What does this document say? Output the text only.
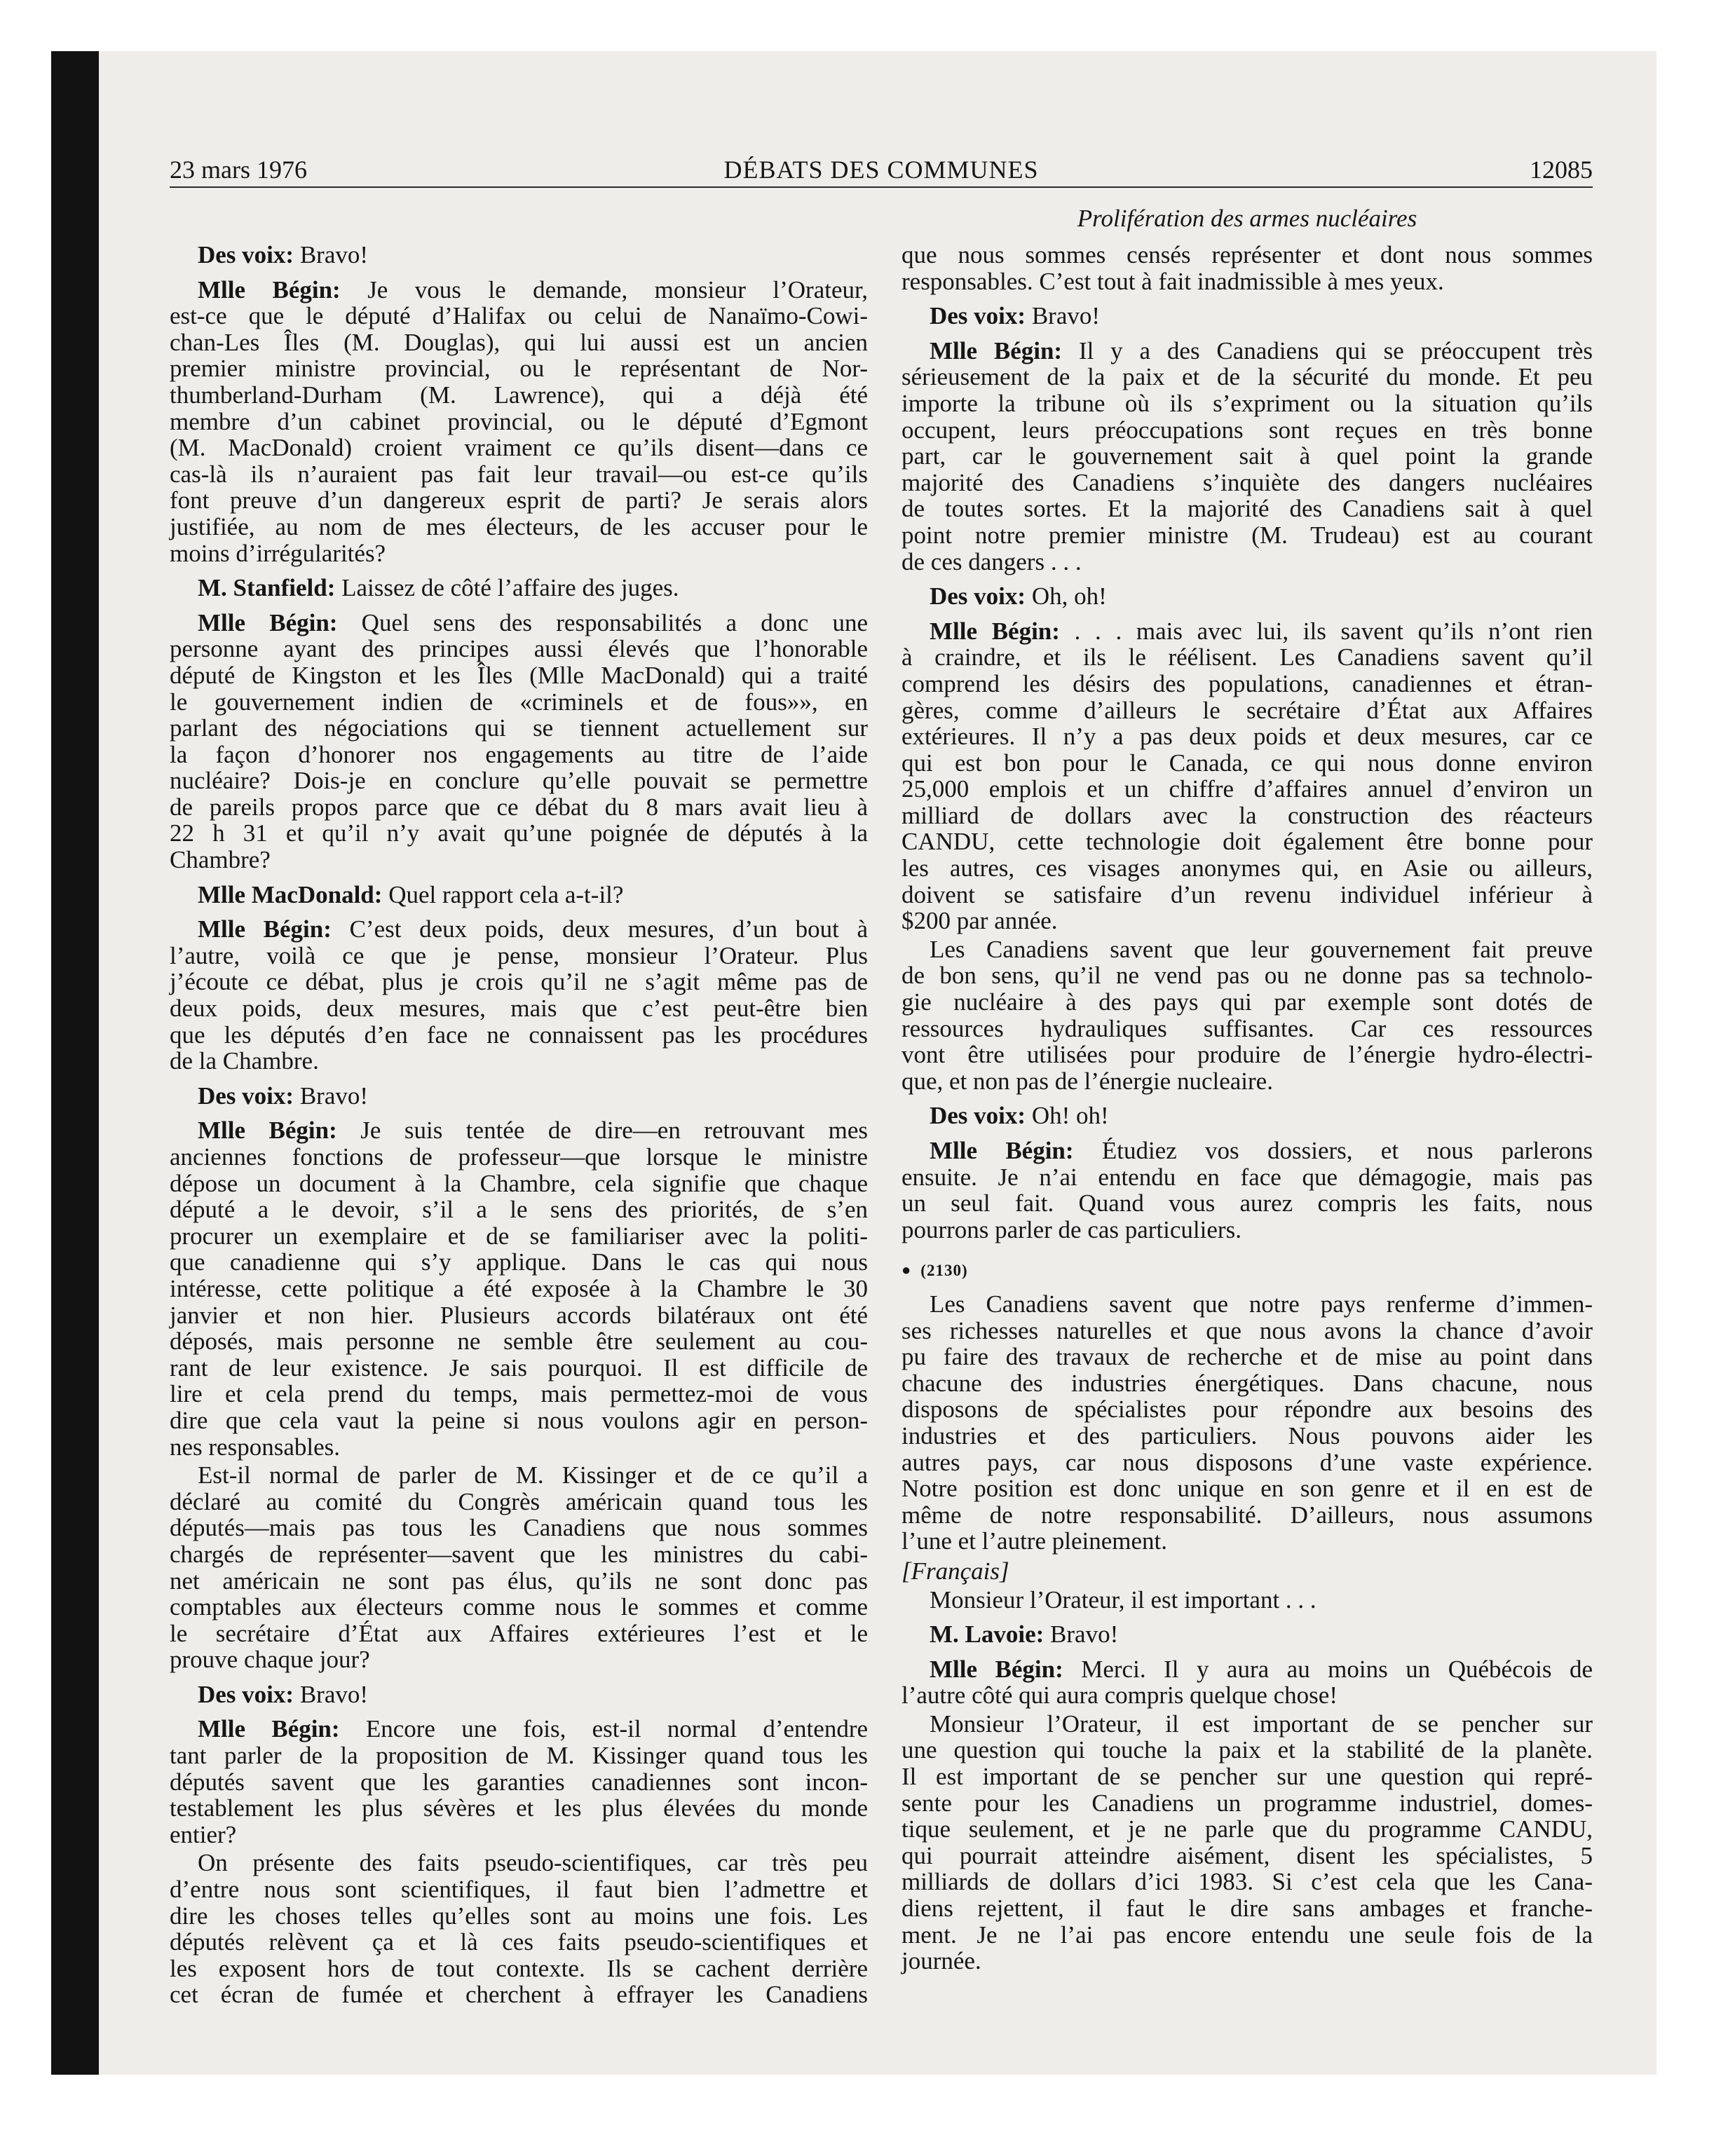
23 mars 1976	DÉBATS DES COMMUNES	12085
Prolifération des armes nucléaires
Des voix: Bravo!
Mlle Bégin: Je vous le demande, monsieur l’Orateur,
est-ce que le député d’Halifax ou celui de Nanaïmo-Cowi-
chan-Les Îles (M. Douglas), qui lui aussi est un ancien
premier ministre provincial, ou le représentant de Nor-
thumberland-Durham (M. Lawrence), qui a déjà été
membre d’un cabinet provincial, ou le député d’Egmont
(M. MacDonald) croient vraiment ce qu’ils disent—dans ce
cas-là ils n’auraient pas fait leur travail—ou est-ce qu’ils
font preuve d’un dangereux esprit de parti? Je serais alors
justifiée, au nom de mes électeurs, de les accuser pour le
moins d’irrégularités?
M. Stanfield: Laissez de côté l’affaire des juges.
Mlle Bégin: Quel sens des responsabilités a donc une
personne ayant des principes aussi élevés que l’honorable
député de Kingston et les Îles (Mlle MacDonald) qui a traité
le gouvernement indien de «criminels et de fous»», en
parlant des négociations qui se tiennent actuellement sur
la façon d’honorer nos engagements au titre de l’aide
nucléaire? Dois-je en conclure qu’elle pouvait se permettre
de pareils propos parce que ce débat du 8 mars avait lieu à
22 h 31 et qu’il n’y avait qu’une poignée de députés à la
Chambre?
Mlle MacDonald: Quel rapport cela a-t-il?
Mlle Bégin: C’est deux poids, deux mesures, d’un bout à
l’autre, voilà ce que je pense, monsieur l’Orateur. Plus
j’écoute ce débat, plus je crois qu’il ne s’agit même pas de
deux poids, deux mesures, mais que c’est peut-être bien
que les députés d’en face ne connaissent pas les procédures
de la Chambre.
Des voix: Bravo!
Mlle Bégin: Je suis tentée de dire—en retrouvant mes
anciennes fonctions de professeur—que lorsque le ministre
dépose un document à la Chambre, cela signifie que chaque
député a le devoir, s’il a le sens des priorités, de s’en
procurer un exemplaire et de se familiariser avec la politi-
que canadienne qui s’y applique. Dans le cas qui nous
intéresse, cette politique a été exposée à la Chambre le 30
janvier et non hier. Plusieurs accords bilatéraux ont été
déposés, mais personne ne semble être seulement au cou-
rant de leur existence. Je sais pourquoi. Il est difficile de
lire et cela prend du temps, mais permettez-moi de vous
dire que cela vaut la peine si nous voulons agir en person-
nes responsables.
Est-il normal de parler de M. Kissinger et de ce qu’il a
déclaré au comité du Congrès américain quand tous les
députés—mais pas tous les Canadiens que nous sommes
chargés de représenter—savent que les ministres du cabi-
net américain ne sont pas élus, qu’ils ne sont donc pas
comptables aux électeurs comme nous le sommes et comme
le secrétaire d’État aux Affaires extérieures l’est et le
prouve chaque jour?
Des voix: Bravo!
Mlle Bégin: Encore une fois, est-il normal d’entendre
tant parler de la proposition de M. Kissinger quand tous les
députés savent que les garanties canadiennes sont incon-
testablement les plus sévères et les plus élevées du monde
entier?
On présente des faits pseudo-scientifiques, car très peu
d’entre nous sont scientifiques, il faut bien l’admettre et
dire les choses telles qu’elles sont au moins une fois. Les
députés relèvent ça et là ces faits pseudo-scientifiques et
les exposent hors de tout contexte. Ils se cachent derrière
cet écran de fumée et cherchent à effrayer les Canadiens
que nous sommes censés représenter et dont nous sommes
responsables. C’est tout à fait inadmissible à mes yeux.
Des voix: Bravo!
Mlle Bégin: Il y a des Canadiens qui se préoccupent très
sérieusement de la paix et de la sécurité du monde. Et peu
importe la tribune où ils s’expriment ou la situation qu’ils
occupent, leurs préoccupations sont reçues en très bonne
part, car le gouvernement sait à quel point la grande
majorité des Canadiens s’inquiète des dangers nucléaires
de toutes sortes. Et la majorité des Canadiens sait à quel
point notre premier ministre (M. Trudeau) est au courant
de ces dangers . . .
Des voix: Oh, oh!
Mlle Bégin: . . . mais avec lui, ils savent qu’ils n’ont rien
à craindre, et ils le réélisent. Les Canadiens savent qu’il
comprend les désirs des populations, canadiennes et étran-
gères, comme d’ailleurs le secrétaire d’État aux Affaires
extérieures. Il n’y a pas deux poids et deux mesures, car ce
qui est bon pour le Canada, ce qui nous donne environ
25,000 emplois et un chiffre d’affaires annuel d’environ un
milliard de dollars avec la construction des réacteurs
CANDU, cette technologie doit également être bonne pour
les autres, ces visages anonymes qui, en Asie ou ailleurs,
doivent se satisfaire d’un revenu individuel inférieur à
$200 par année.
Les Canadiens savent que leur gouvernement fait preuve
de bon sens, qu’il ne vend pas ou ne donne pas sa technolo-
gie nucléaire à des pays qui par exemple sont dotés de
ressources hydrauliques suffisantes. Car ces ressources
vont être utilisées pour produire de l’énergie hydro-électri-
que, et non pas de l’énergie nucleaire.
Des voix: Oh! oh!
Mlle Bégin: Étudiez vos dossiers, et nous parlerons
ensuite. Je n’ai entendu en face que démagogie, mais pas
un seul fait. Quand vous aurez compris les faits, nous
pourrons parler de cas particuliers.
● (2130)
Les Canadiens savent que notre pays renferme d’immen-
ses richesses naturelles et que nous avons la chance d’avoir
pu faire des travaux de recherche et de mise au point dans
chacune des industries énergétiques. Dans chacune, nous
disposons de spécialistes pour répondre aux besoins des
industries et des particuliers. Nous pouvons aider les
autres pays, car nous disposons d’une vaste expérience.
Notre position est donc unique en son genre et il en est de
même de notre responsabilité. D’ailleurs, nous assumons
l’une et l’autre pleinement.
[Français]
Monsieur l’Orateur, il est important . . .
M. Lavoie: Bravo!
Mlle Bégin: Merci. Il y aura au moins un Québécois de
l’autre côté qui aura compris quelque chose!
Monsieur l’Orateur, il est important de se pencher sur
une question qui touche la paix et la stabilité de la planète.
Il est important de se pencher sur une question qui repré-
sente pour les Canadiens un programme industriel, domes-
tique seulement, et je ne parle que du programme CANDU,
qui pourrait atteindre aisément, disent les spécialistes, 5
milliards de dollars d’ici 1983. Si c’est cela que les Cana-
diens rejettent, il faut le dire sans ambages et franche-
ment. Je ne l’ai pas encore entendu une seule fois de la
journée.
